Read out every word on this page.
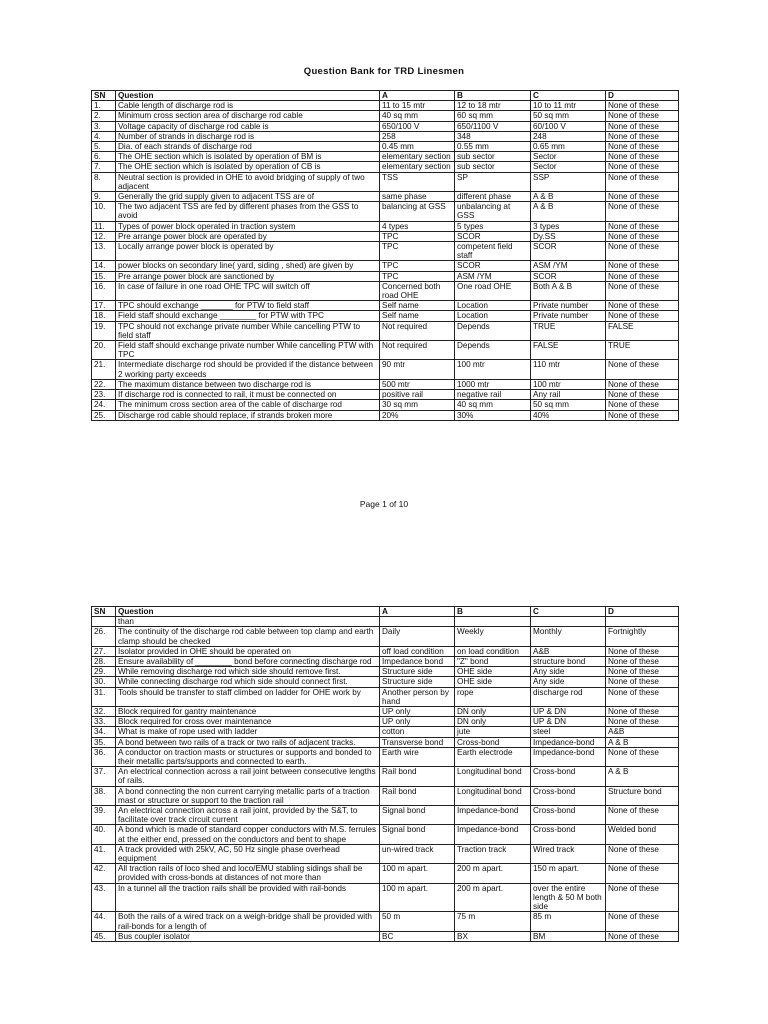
Question Bank for TRD Linesmen
SN	Question	A	B	C	D
1.	Cable length of discharge rod is	11 to 15 mtr	12 to 18 mtr	10 to 11 mtr	None of these
2.	Minimum cross section area of discharge rod cable	40 sq mm	60 sq mm	50 sq mm	None of these
3.	Voltage capacity of discharge rod cable is	650/100 V	650/1100 V	60/100 V	None of these
4.	Number of strands in discharge rod is	258	348	248	None of these
5.	Dia. of each strands of discharge rod	0.45 mm	0.55 mm	0.65 mm	None of these
6.	The OHE section which is isolated by operation of BM is	elementary section	sub sector	Sector	None of these
7.	The OHE section which is isolated by operation of CB is	elementary section	sub sector	Sector	None of these
8.	Neutral section is provided in OHE to avoid bridging of supply of two adjacent	TSS	SP	SSP	None of these
9.	Generally the grid supply given to adjacent TSS are of	same phase	different phase	A & B	None of these
10.	The two adjacent TSS are fed by different phases from the GSS to avoid	balancing at GSS	unbalancing at GSS	A & B	None of these
11.	Types of power block operated in traction system	4 types	5 types	3 types	None of these
12.	Pre arrange power block are operated by	TPC	SCOR	Dy.SS	None of these
13.	Locally arrange power block is operated by	TPC	competent field staff	SCOR	None of these
14.	power blocks on secondary line( yard, siding , shed) are given by	TPC	SCOR	ASM /YM	None of these
15.	Pre arrange power block are sanctioned by	TPC	ASM /YM	SCOR	None of these
16.	In case of failure in one road OHE TPC will switch off	Concerned both road OHE	One road OHE	Both A & B	None of these
17.	TPC should exchange _______ for PTW to field staff	Self name	Location	Private number	None of these
18.	Field staff should exchange ________ for PTW with TPC	Self name	Location	Private number	None of these
19.	TPC should not exchange private number While cancelling PTW to field staff	Not required	Depends	TRUE	FALSE
20.	Field staff should exchange private number While cancelling PTW with TPC	Not required	Depends	FALSE	TRUE
21.	Intermediate discharge rod should be provided if the distance between 2 working party exceeds	90 mtr	100 mtr	110 mtr	None of these
22.	The maximum distance between two discharge rod is	500 mtr	1000 mtr	100 mtr	None of these
23.	If discharge rod is connected to rail, it must be connected on	positive rail	negative rail	Any rail	None of these
24.	The minimum cross section area of the cable of discharge rod	30 sq mm	40 sq mm	50 sq mm	None of these
25.	Discharge rod cable should replace, if strands broken more	20%	30%	40%	None of these
Page 1 of 10
SN	Question	A	B	C	D
	than				
26.	The continuity of the discharge rod cable between top clamp and earth clamp should be checked	Daily	Weekly	Monthly	Fortnightly
27.	Isolator provided in OHE should be operated on	off load condition	on load condition	A&B	None of these
28.	Ensure availability of ________ bond before connecting discharge rod	Impedance bond	"Z" bond	structure bond	None of these
29.	While removing discharge rod which side should remove first.	Structure side	OHE side	Any side	None of these
30.	While connecting discharge rod which side should connect first.	Structure side	OHE side	Any side	None of these
31.	Tools should be transfer to staff climbed on ladder for OHE work by	Another person by hand	rope	discharge rod	None of these
32.	Block required for gantry maintenance	UP only	DN only	UP & DN	None of these
33.	Block required for cross over maintenance	UP only	DN only	UP & DN	None of these
34.	What is make of rope used with ladder	cotton	jute	steel	A&B
35.	A bond between two rails of a track or two rails of adjacent tracks.	Transverse bond	Cross-bond	Impedance-bond	A & B
36.	A conductor on traction masts or structures or supports and bonded to their metallic parts/supports and connected to earth.	Earth wire	Earth electrode	Impedance-bond	None of these
37.	An electrical connection across a rail joint between consecutive lengths of rails.	Rail bond	Longitudinal bond	Cross-bond	A & B
38.	A bond connecting the non current carrying metallic parts of a traction mast or structure or support to the traction rail	Rail bond	Longitudinal bond	Cross-bond	Structure bond
39.	An electrical connection across a rail joint, provided by the S&T, to facilitate over track circuit current	Signal bond	Impedance-bond	Cross-bond	None of these
40.	A bond which is made of standard copper conductors with M.S. ferrules at the either end, pressed on the conductors and bent to shape	Signal bond	Impedance-bond	Cross-bond	Welded bond
41.	A track provided with 25kV, AC, 50 Hz single phase overhead equipment	un-wired track	Traction track	Wired track	None of these
42.	All traction rails of loco shed and loco/EMU stabling sidings shall be provided with cross-bonds at distances of not more than	100 m apart.	200 m apart.	150 m apart.	None of these
43.	In a tunnel all the traction rails shall be provided with rail-bonds	100 m apart.	200 m apart.	over the entire length & 50 M both side	None of these
44.	Both the rails of a wired track on a weigh-bridge shall be provided with rail-bonds for a length of	50 m	75 m	85 m	None of these
45.	Bus coupler isolator	BC	BX	BM	None of these
